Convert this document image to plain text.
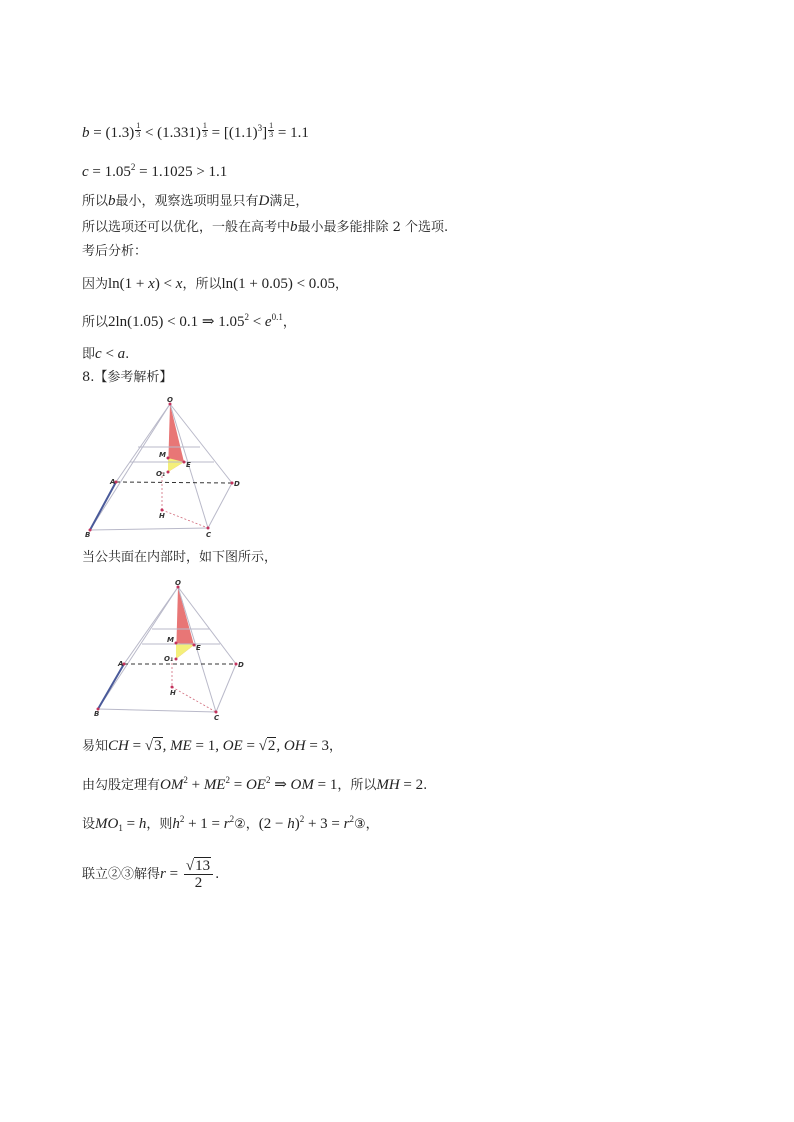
$b = (1.3) \frac{1}{3} < (1.331) \frac{1}{3} = [(1.1)^3] \frac{1}{3} = 1.1$
$c = 1.05^2 = 1.1025 > 1.1$
所以b最小，观察选项明显只有D满足，
所以选项还可以优化，一般在高考中b最小最多能排除 2 个选项.
考后分析：
因为ln(1 + x) < x，所以ln(1 + 0.05) < 0.05，
所以2ln(1.05) < 0.1 ⇒ $1.05^2 < e^{0.1}$，
即c < a.
8.【参考解析】
O
M
E
O₁
A	D
H
B	C
当公共面在内部时，如下图所示，
O
M
E
O₁
A	D
H
B	C
易知CH = √3, ME = 1, OE = √2, OH = 3，
由勾股定理有$OM^2 + ME^2 = OE^2$ ⇒ OM = 1，所以MH = 2.
设$MO_1 = h$，则$h^2 + 1$ = $r^2②$，$(2 - h)^2 + 3$ = $r^2③$，
联立②③解得$r = \frac{√13}{2}$ .
